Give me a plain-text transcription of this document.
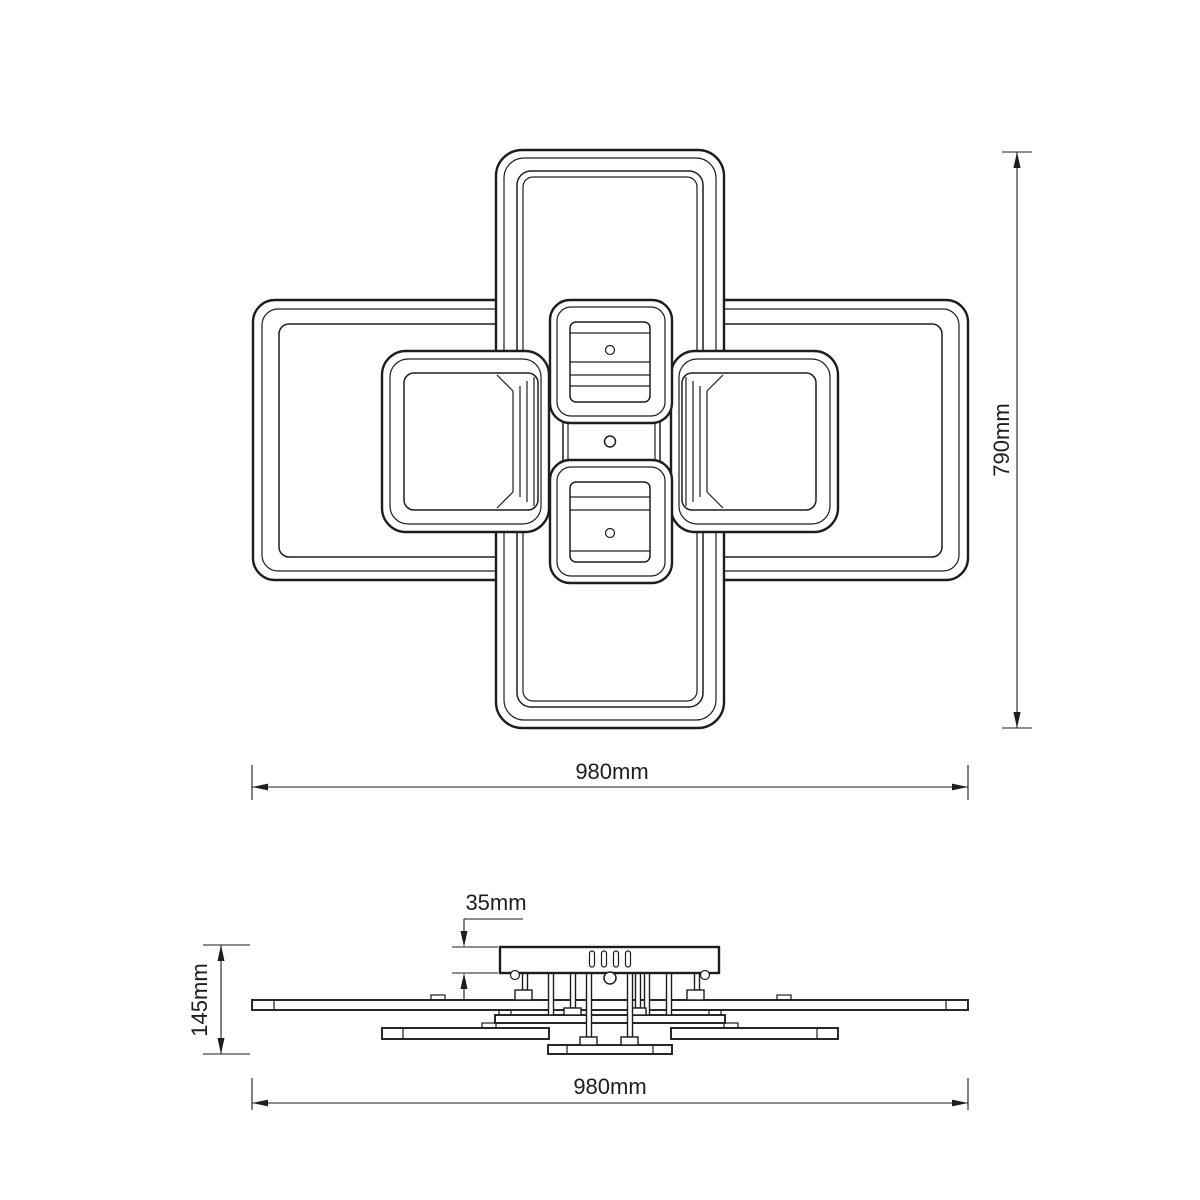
980mm
790mm
35mm
145mm
980mm
